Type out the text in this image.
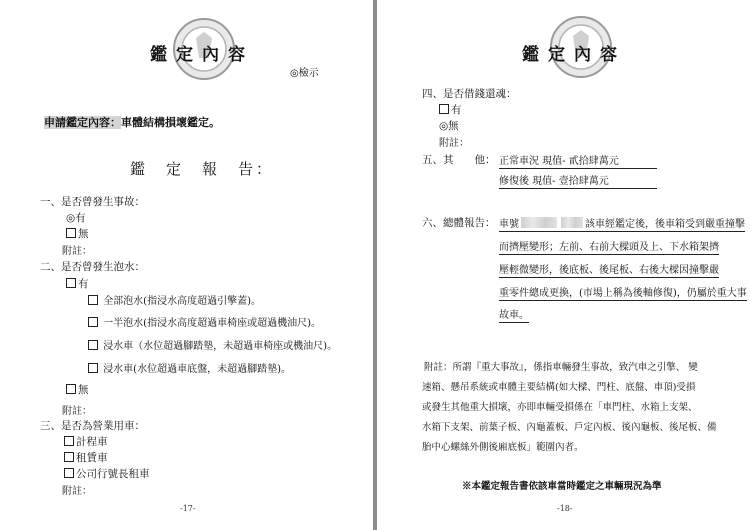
鑑定內容
◎檢示
申請鑑定內容：車體結構損壞鑑定。
鑑　定　報　告：
一、是否曾發生事故：
◎有
無
附註：
二、是否曾發生泡水：
有
全部泡水(指浸水高度超過引擎蓋)。
一半泡水(指浸水高度超過車椅座或超過機油尺)。
浸水車（水位超過腳踏墊，未超過車椅座或機油尺)。
浸水車(水位超過車底盤，未超過腳踏墊)。
無
附註：
三、是否為營業用車：
計程車
租賃車
公司行號長租車
附註：
-17-
鑑定內容
四、是否借錢還魂：
有
◎無
附註：
五、其　　他： 正常車況 現值- 貳拾肆萬元
修復後 現值- 壹拾肆萬元
六、總體報告： 車號	該車經鑑定後，後車箱受到嚴重撞擊
而擠壓變形；左前、右前大樑頭及上、下水箱架擠
壓輕微變形，後底板、後尾板、右後大樑因撞擊嚴
重零件總成更換，(市場上稱為後軸修復)，仍屬於重大事
故車。
附註：所謂『重大事故』，係指車輛發生事故，致汽車之引擎、 變
速箱、懸吊系統或車體主要結構(如大樑、門柱、底盤、車頂)受損
或發生其他重大損壞，亦即車輛受損係在「車門柱、水箱上支架、
水箱下支架、前葉子板、內龜蓋板、戶定內板、後內龜板、後尾板、備
胎中心螺絲外側後廂底板」範圍內者。
※本鑑定報告書依該車當時鑑定之車輛現況為準
-18-
